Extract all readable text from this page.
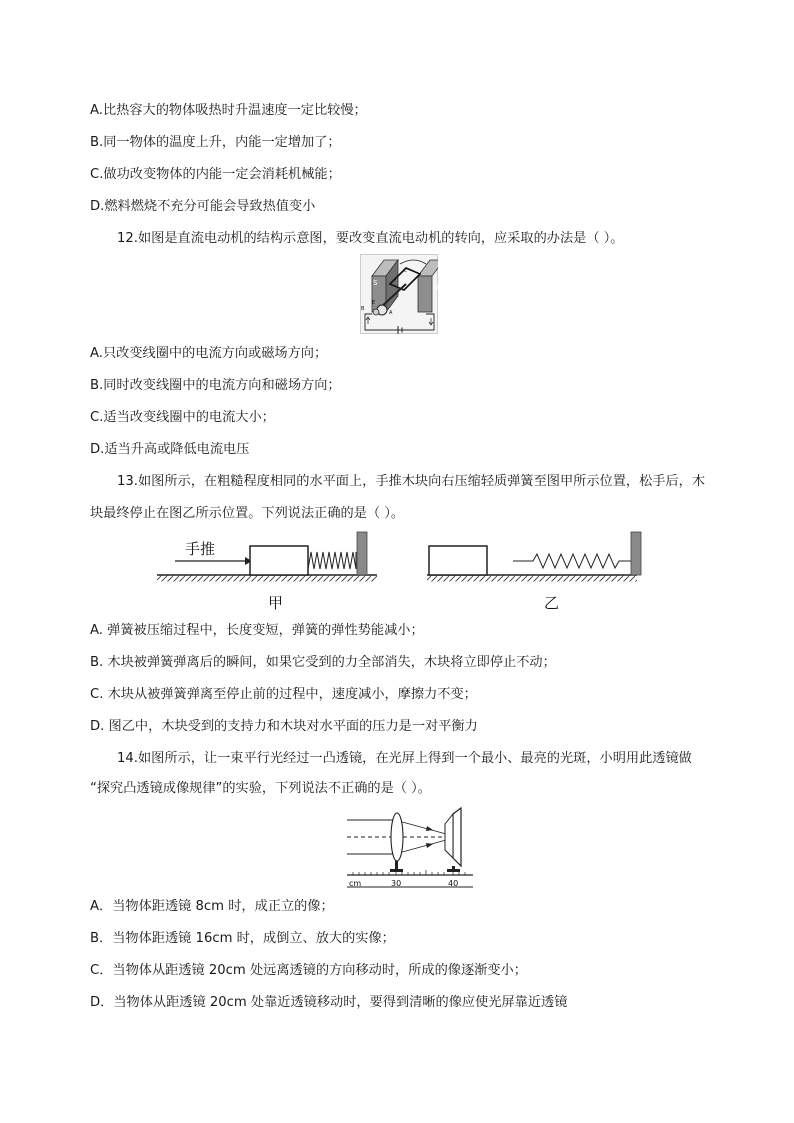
A.比热容大的物体吸热时升温速度一定比较慢；
B.同一物体的温度上升，内能一定增加了；
C.做功改变物体的内能一定会消耗机械能；
D.燃料燃烧不充分可能会导致热值变小
12.如图是直流电动机的结构示意图，要改变直流电动机的转向，应采取的办法是（ ）。
S
N
c
B
E
A
A.只改变线圈中的电流方向或磁场方向；
B.同时改变线圈中的电流方向和磁场方向；
C.适当改变线圈中的电流大小；
D.适当升高或降低电流电压
13.如图所示，在粗糙程度相同的水平面上，手推木块向右压缩轻质弹簧至图甲所示位置，松手后，木
块最终停止在图乙所示位置。下列说法正确的是（ ）。
手推
甲	乙
A. 弹簧被压缩过程中，长度变短，弹簧的弹性势能减小；
B. 木块被弹簧弹离后的瞬间，如果它受到的力全部消失，木块将立即停止不动；
C. 木块从被弹簧弹离至停止前的过程中，速度减小，摩擦力不变；
D. 图乙中，木块受到的支持力和木块对水平面的压力是一对平衡力
14.如图所示，让一束平行光经过一凸透镜，在光屏上得到一个最小、最亮的光斑，小明用此透镜做
“探究凸透镜成像规律”的实验，下列说法不正确的是（ ）。
cm	30	40
A．当物体距透镜 8cm 时，成正立的像；
B．当物体距透镜 16cm 时，成倒立、放大的实像；
C．当物体从距透镜 20cm 处远离透镜的方向移动时，所成的像逐渐变小；
D．当物体从距透镜 20cm 处靠近透镜移动时，要得到清晰的像应使光屏靠近透镜
